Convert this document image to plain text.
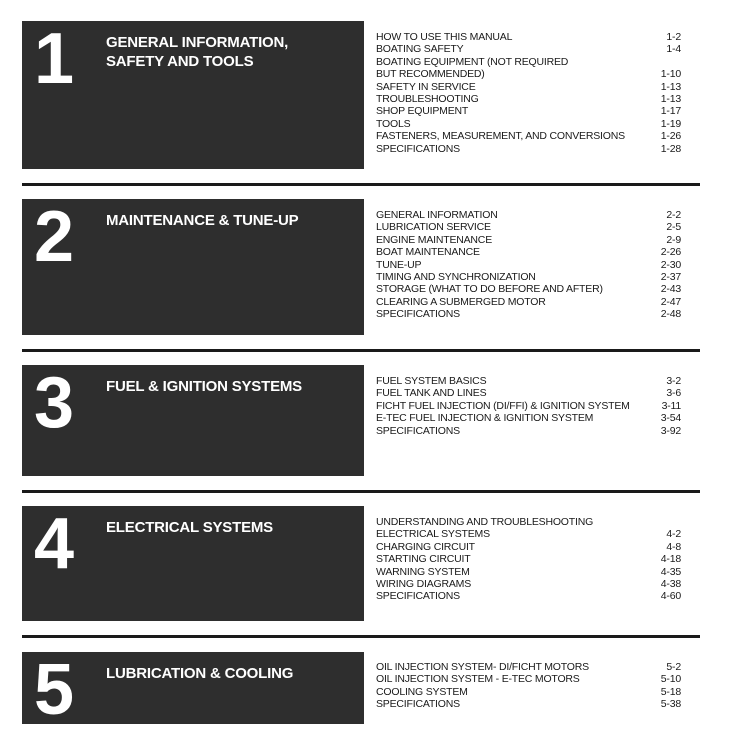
1 GENERAL INFORMATION,
SAFETY AND TOOLS
HOW TO USE THIS MANUAL	1-2
BOATING SAFETY	1-4
BOATING EQUIPMENT (NOT REQUIRED
BUT RECOMMENDED)	1-10
SAFETY IN SERVICE	1-13
TROUBLESHOOTING	1-13
SHOP EQUIPMENT	1-17
TOOLS	1-19
FASTENERS, MEASUREMENT, AND CONVERSIONS	1-26
SPECIFICATIONS	1-28
2 MAINTENANCE & TUNE-UP	GENERAL INFORMATION	2-2
LUBRICATION SERVICE	2-5
ENGINE MAINTENANCE	2-9
BOAT MAINTENANCE	2-26
TUNE-UP	2-30
TIMING AND SYNCHRONIZATION	2-37
STORAGE (WHAT TO DO BEFORE AND AFTER)	2-43
CLEARING A SUBMERGED MOTOR	2-47
SPECIFICATIONS	2-48
3 FUEL & IGNITION SYSTEMS	FUEL SYSTEM BASICS	3-2
FUEL TANK AND LINES	3-6
FICHT FUEL INJECTION (DI/FFI) & IGNITION SYSTEM	3-11
E-TEC FUEL INJECTION & IGNITION SYSTEM	3-54
SPECIFICATIONS	3-92
4 ELECTRICAL SYSTEMS	UNDERSTANDING AND TROUBLESHOOTING
ELECTRICAL SYSTEMS	4-2
CHARGING CIRCUIT	4-8
STARTING CIRCUIT	4-18
WARNING SYSTEM	4-35
WIRING DIAGRAMS	4-38
SPECIFICATIONS	4-60
5 LUBRICATION & COOLING	OIL INJECTION SYSTEM- DI/FICHT MOTORS	5-2
OIL INJECTION SYSTEM - E-TEC MOTORS	5-10
COOLING SYSTEM	5-18
SPECIFICATIONS	5-38
